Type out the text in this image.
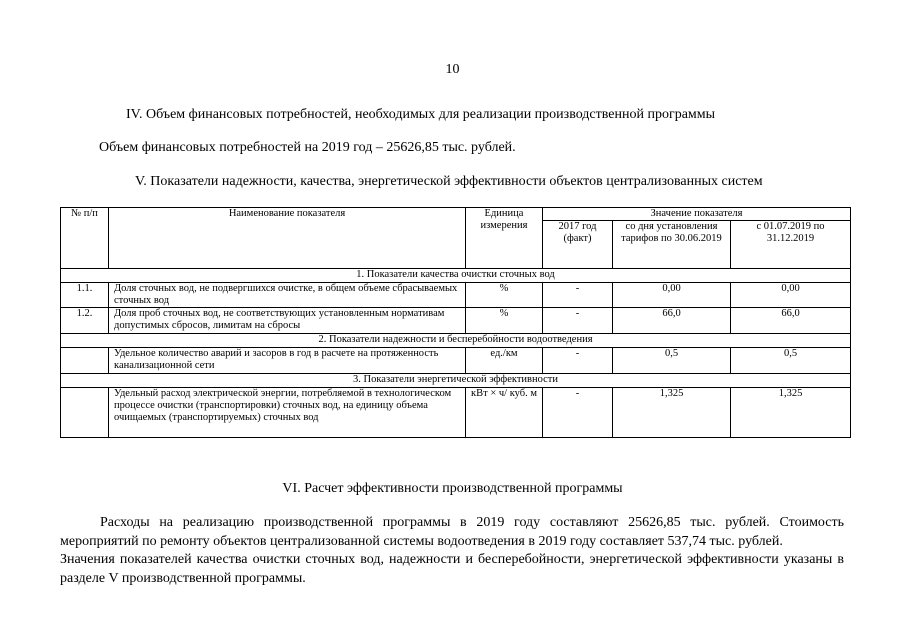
10
IV. Объем финансовых потребностей, необходимых для реализации производственной программы
Объем финансовых потребностей на 2019 год – 25626,85 тыс. рублей.
V. Показатели надежности, качества, энергетической эффективности объектов централизованных систем
№ п/п	Наименование показателя	Единица измерения	Значение показателя		
			2017 год (факт)	со дня установления тарифов по 30.06.2019	с 01.07.2019 по 31.12.2019
1. Показатели качества очистки сточных вод					
1.1.	Доля сточных вод, не подвергшихся очистке, в общем объеме сбрасываемых сточных вод	%	-	0,00	0,00
1.2.	Доля проб сточных вод, не соответствующих установленным нормативам допустимых сбросов, лимитам на сбросы	%	-	66,0	66,0
2. Показатели надежности и бесперебойности водоотведения					
	Удельное количество аварий и засоров в год в расчете на протяженность канализационной сети	ед./км	-	0,5	0,5
3. Показатели энергетической эффективности					
	Удельный расход электрической энергии, потребляемой в технологическом процессе очистки (транспортировки) сточных вод, на единицу объема очищаемых (транспортируемых) сточных вод	кВт × ч/ куб. м	-	1,325	1,325
VI. Расчет эффективности производственной программы

Расходы на реализацию производственной программы в 2019 году составляют 25626,85 тыс. рублей. Стоимость мероприятий по ремонту объектов централизованной системы водоотведения в 2019 году составляет 537,74 тыс. рублей.

Значения показателей качества очистки сточных вод, надежности и бесперебойности, энергетической эффективности указаны в разделе V производственной программы.
